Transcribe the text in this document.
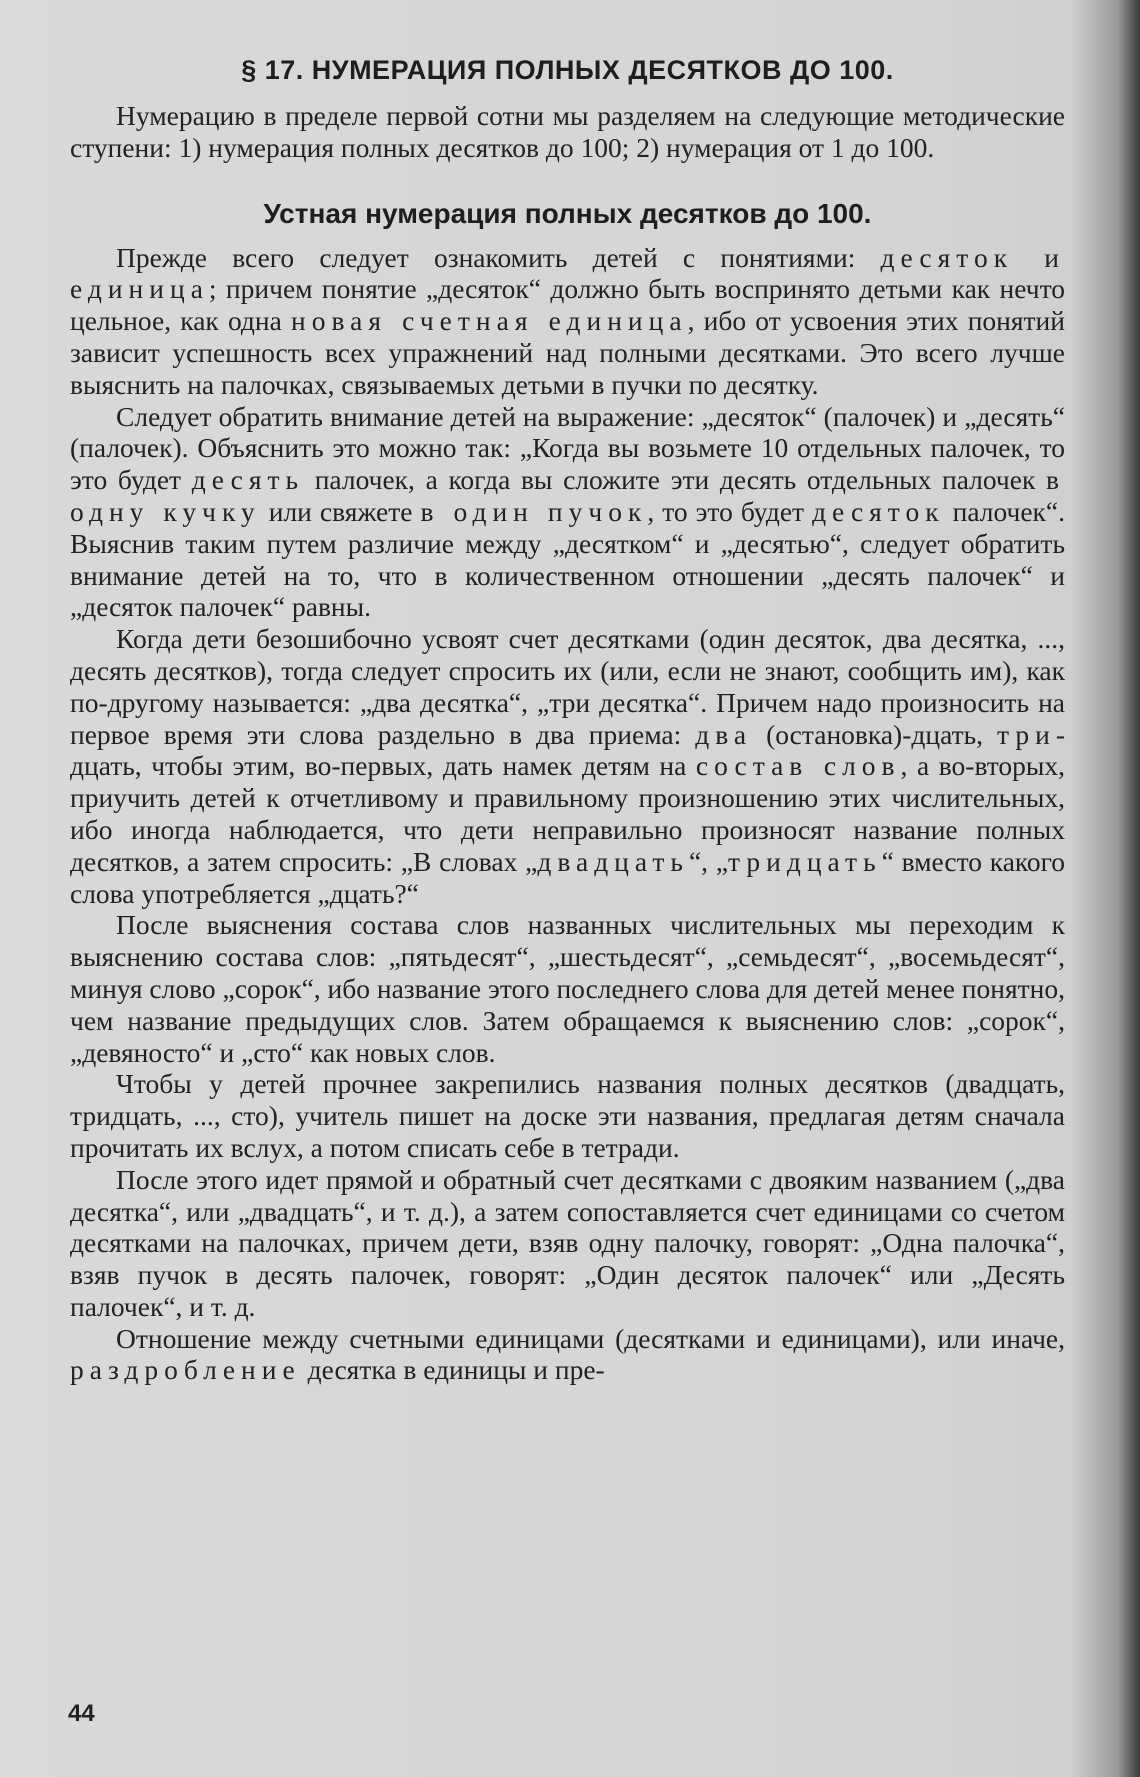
§ 17. НУМЕРАЦИЯ ПОЛНЫХ ДЕСЯТКОВ ДО 100.

Нумерацию в пределе первой сотни мы разделяем на следующие методические ступени: 1) нумерация полных десятков до 100; 2) нумерация от 1 до 100.

Устная нумерация полных десятков до 100.

Прежде всего следует ознакомить детей с понятиями: десяток и единица; причем понятие „десяток“ должно быть воспринято детьми как нечто цельное, как одна новая счетная единица, ибо от усвоения этих понятий зависит успешность всех упражнений над полными десятками. Это всего лучше выяснить на палочках, связываемых детьми в пучки по десятку.

Следует обратить внимание детей на выражение: „десяток“ (палочек) и „десять“ (палочек). Объяснить это можно так: „Когда вы возьмете 10 отдельных палочек, то это будет десять палочек, а когда вы сложите эти десять отдельных палочек в одну кучку или свяжете в один пучок, то это будет десяток палочек“. Выяснив таким путем различие между „десятком“ и „десятью“, следует обратить внимание детей на то, что в количественном отношении „десять палочек“ и „десяток палочек“ равны.

Когда дети безошибочно усвоят счет десятками (один десяток, два десятка, ..., десять десятков), тогда следует спросить их (или, если не знают, сообщить им), как по-другому называется: „два десятка“, „три десятка“. Причем надо произносить на первое время эти слова раздельно в два приема: два (остановка)-дцать, три-дцать, чтобы этим, во-первых, дать намек детям на состав слов, а во-вторых, приучить детей к отчетливому и правильному произношению этих числительных, ибо иногда наблюдается, что дети неправильно произносят название полных десятков, а затем спросить: „В словах „двадцать“, „тридцать“ вместо какого слова употребляется „дцать?“

После выяснения состава слов названных числительных мы переходим к выяснению состава слов: „пятьдесят“, „шестьдесят“, „семьдесят“, „восемьдесят“, минуя слово „сорок“, ибо название этого последнего слова для детей менее понятно, чем название предыдущих слов. Затем обращаемся к выяснению слов: „сорок“, „девяносто“ и „сто“ как новых слов.

Чтобы у детей прочнее закрепились названия полных десятков (двадцать, тридцать, ..., сто), учитель пишет на доске эти названия, предлагая детям сначала прочитать их вслух, а потом списать себе в тетради.

После этого идет прямой и обратный счет десятками с двояким названием („два десятка“, или „двадцать“, и т. д.), а затем сопоставляется счет единицами со счетом десятками на палочках, причем дети, взяв одну палочку, говорят: „Одна палочка“, взяв пучок в десять палочек, говорят: „Один десяток палочек“ или „Десять палочек“, и т. д.

Отношение между счетными единицами (десятками и единицами), или иначе, раздробление десятка в единицы и пре-

44
